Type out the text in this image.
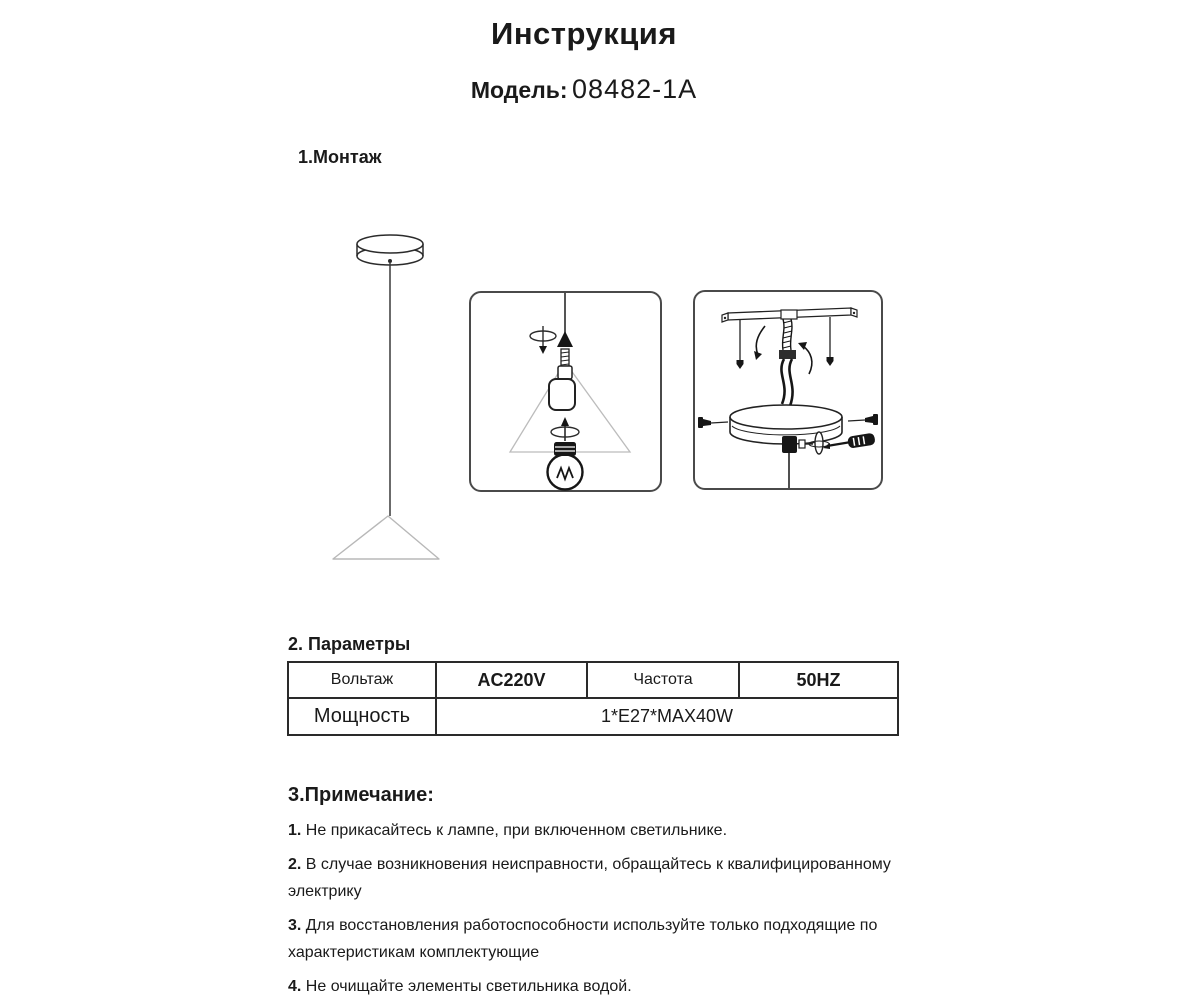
Инструкция
Модель: 08482-1A
1.Монтаж
2. Параметры
Вольтаж	AC220V	Частота	50HZ
Мощность	1*E27*MAX40W		
3.Примечание:

1. Не прикасайтесь к лампе, при включенном светильнике.

2. В случае возникновения неисправности, обращайтесь к квалифицированному электрику

3. Для восстановления работоспособности используйте только подходящие по характеристикам комплектующие

4. Не очищайте элементы светильника водой.
